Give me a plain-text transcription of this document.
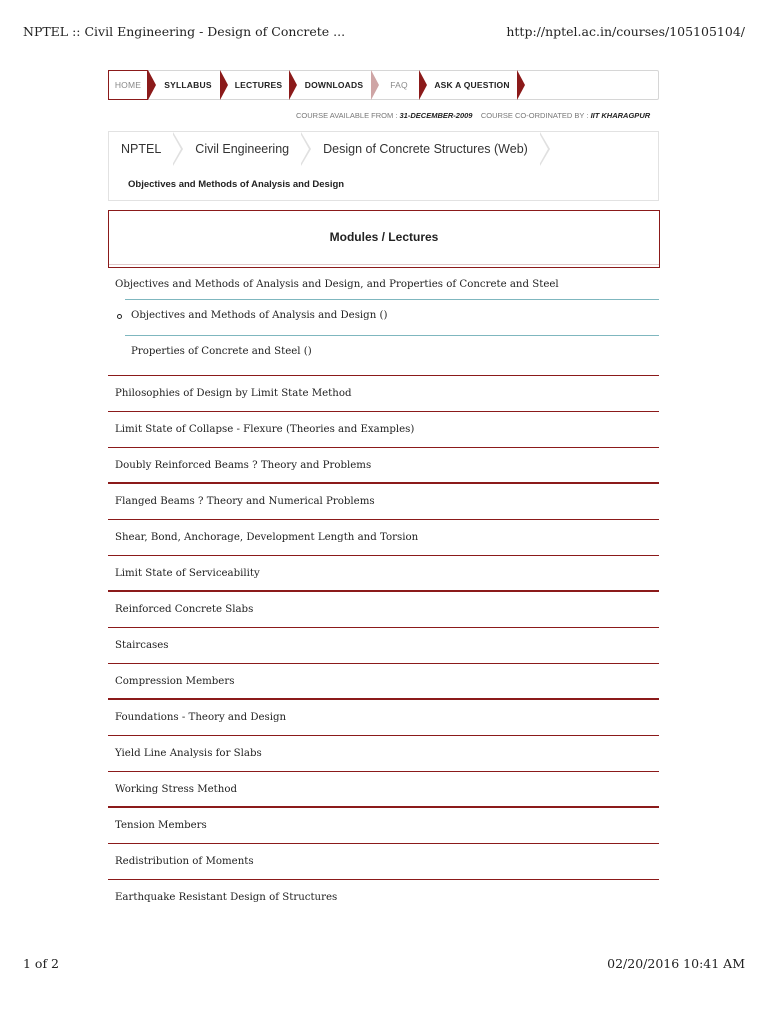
NPTEL :: Civil Engineering - Design of Concrete ...	http://nptel.ac.in/courses/105105104/
HOME	SYLLABUS	LECTURES	DOWNLOADS	FAQ	ASK A QUESTION
COURSE AVAILABLE FROM : 31-DECEMBER-2009 COURSE CO-ORDINATED BY : IIT KHARAGPUR
NPTEL	Civil Engineering	Design of Concrete Structures (Web)
Objectives and Methods of Analysis and Design
Modules / Lectures
Objectives and Methods of Analysis and Design, and Properties of Concrete and Steel
Objectives and Methods of Analysis and Design ()
Properties of Concrete and Steel ()
Philosophies of Design by Limit State Method
Limit State of Collapse - Flexure (Theories and Examples)
Doubly Reinforced Beams ? Theory and Problems
Flanged Beams ? Theory and Numerical Problems
Shear, Bond, Anchorage, Development Length and Torsion
Limit State of Serviceability
Reinforced Concrete Slabs
Staircases
Compression Members
Foundations - Theory and Design
Yield Line Analysis for Slabs
Working Stress Method
Tension Members
Redistribution of Moments
Earthquake Resistant Design of Structures
1 of 2	02/20/2016 10:41 AM
